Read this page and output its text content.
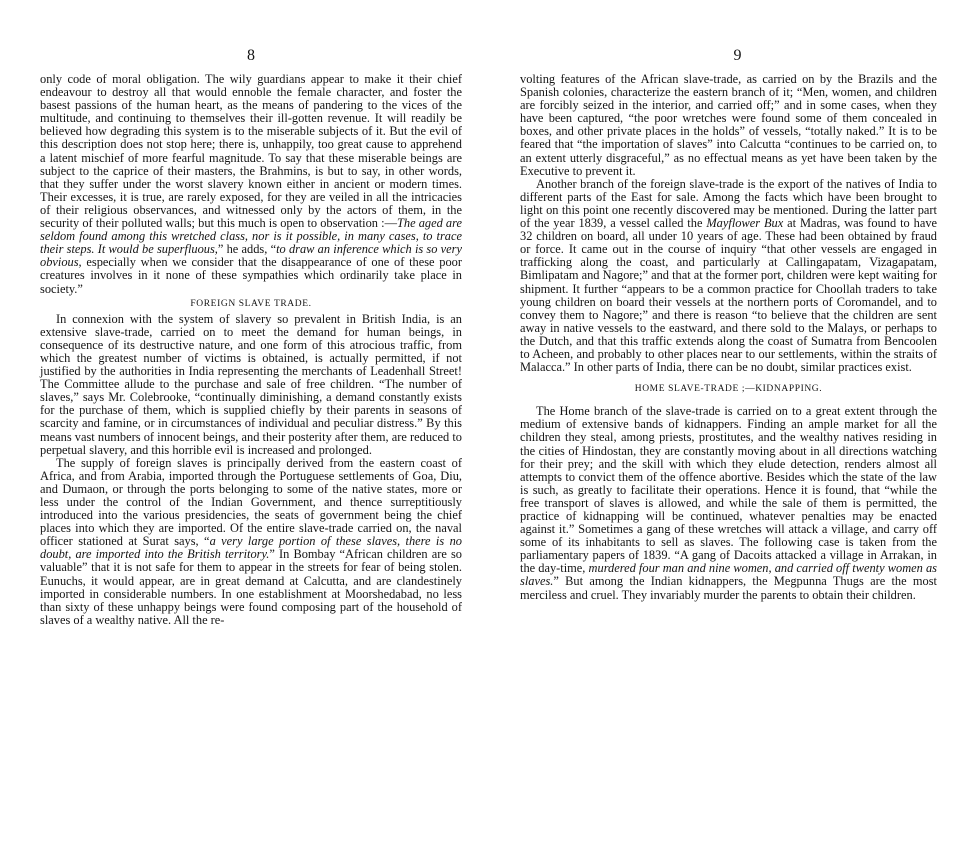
8

only code of moral obligation. The wily guardians appear to make it their chief endeavour to destroy all that would ennoble the female character, and foster the basest passions of the human heart, as the means of pandering to the vices of the multitude, and continuing to themselves their ill-gotten revenue. It will readily be believed how degrading this system is to the miserable subjects of it. But the evil of this description does not stop here; there is, unhappily, too great cause to apprehend a latent mischief of more fearful magnitude. To say that these miserable beings are subject to the caprice of their masters, the Brahmins, is but to say, in other words, that they suffer under the worst slavery known either in ancient or modern times. Their excesses, it is true, are rarely exposed, for they are veiled in all the intricacies of their religious observances, and witnessed only by the actors of them, in the security of their polluted walls; but this much is open to observation :—The aged are seldom found among this wretched class, nor is it possible, in many cases, to trace their steps. It would be superfluous,” he adds, “to draw an inference which is so very obvious, especially when we consider that the disappearance of one of these poor creatures involves in it none of these sympathies which ordinarily take place in society.”

FOREIGN SLAVE TRADE.

In connexion with the system of slavery so prevalent in British India, is an extensive slave-trade, carried on to meet the demand for human beings, in consequence of its destructive nature, and one form of this atrocious traffic, from which the greatest number of victims is obtained, is actually permitted, if not justified by the authorities in India representing the merchants of Leadenhall Street! The Committee allude to the purchase and sale of free children. “The number of slaves,” says Mr. Colebrooke, “continually diminishing, a demand constantly exists for the purchase of them, which is supplied chiefly by their parents in seasons of scarcity and famine, or in circumstances of individual and peculiar distress.” By this means vast numbers of innocent beings, and their posterity after them, are reduced to perpetual slavery, and this horrible evil is increased and prolonged.

The supply of foreign slaves is principally derived from the eastern coast of Africa, and from Arabia, imported through the Portuguese settlements of Goa, Diu, and Dumaon, or through the ports belonging to some of the native states, more or less under the control of the Indian Government, and thence surreptitiously introduced into the various presidencies, the seats of government being the chief places into which they are imported. Of the entire slave-trade carried on, the naval officer stationed at Surat says, “a very large portion of these slaves, there is no doubt, are imported into the British territory.” In Bombay “African children are so valuable” that it is not safe for them to appear in the streets for fear of being stolen. Eunuchs, it would appear, are in great demand at Calcutta, and are clandestinely imported in considerable numbers. In one establishment at Moorshedabad, no less than sixty of these unhappy beings were found composing part of the household of slaves of a wealthy native. All the re-

9

volting features of the African slave-trade, as carried on by the Brazils and the Spanish colonies, characterize the eastern branch of it; “Men, women, and children are forcibly seized in the interior, and carried off;” and in some cases, when they have been captured, “the poor wretches were found some of them concealed in boxes, and other private places in the holds” of vessels, “totally naked.” It is to be feared that “the importation of slaves” into Calcutta “continues to be carried on, to an extent utterly disgraceful,” as no effectual means as yet have been taken by the Executive to prevent it.

Another branch of the foreign slave-trade is the export of the natives of India to different parts of the East for sale. Among the facts which have been brought to light on this point one recently discovered may be mentioned. During the latter part of the year 1839, a vessel called the Mayflower Bux at Madras, was found to have 32 children on board, all under 10 years of age. These had been obtained by fraud or force. It came out in the course of inquiry “that other vessels are engaged in trafficking along the coast, and particularly at Callingapatam, Vizagapatam, Bimlipatam and Nagore;” and that at the former port, children were kept waiting for shipment. It further “appears to be a common practice for Choollah traders to take young children on board their vessels at the northern ports of Coromandel, and to convey them to Nagore;” and there is reason “to believe that the children are sent away in native vessels to the eastward, and there sold to the Malays, or perhaps to the Dutch, and that this traffic extends along the coast of Sumatra from Bencoolen to Acheen, and probably to other places near to our settlements, within the straits of Malacca.” In other parts of India, there can be no doubt, similar practices exist.

HOME SLAVE-TRADE ;—KIDNAPPING.

The Home branch of the slave-trade is carried on to a great extent through the medium of extensive bands of kidnappers. Finding an ample market for all the children they steal, among priests, prostitutes, and the wealthy natives residing in the cities of Hindostan, they are constantly moving about in all directions watching for their prey; and the skill with which they elude detection, renders almost all attempts to convict them of the offence abortive. Besides which the state of the law is such, as greatly to facilitate their operations. Hence it is found, that “while the free transport of slaves is allowed, and while the sale of them is permitted, the practice of kidnapping will be continued, whatever penalties may be enacted against it.” Sometimes a gang of these wretches will attack a village, and carry off some of its inhabitants to sell as slaves. The following case is taken from the parliamentary papers of 1839. “A gang of Dacoits attacked a village in Arrakan, in the day-time, murdered four man and nine women, and carried off twenty women as slaves.” But among the Indian kidnappers, the Megpunna Thugs are the most merciless and cruel. They invariably murder the parents to obtain their children.
